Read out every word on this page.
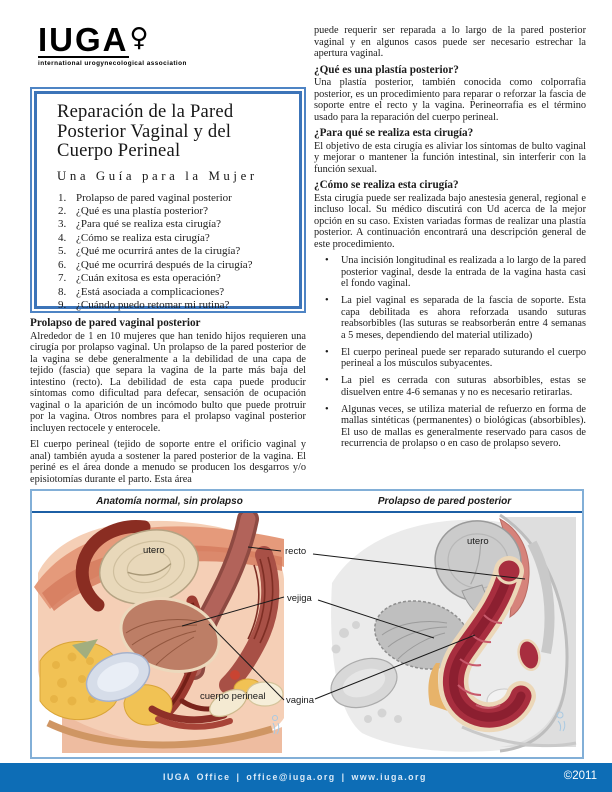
IUGA ♀
international urogynecological association
Reparación de la Pared Posterior Vaginal y del Cuerpo Perineal
Una Guía para la Mujer
Prolapso de pared vaginal posterior
¿Qué es una plastía posterior?
¿Para qué se realiza esta cirugía?
¿Cómo se realiza esta cirugía?
¿Qué me ocurrirá antes de la cirugía?
¿Qué me ocurrirá después de la cirugía?
¿Cuán exitosa es esta operación?
¿Está asociada a complicaciones?
¿Cuándo puedo retomar mi rutina?
Prolapso de pared vaginal posterior

Alrededor de 1 en 10 mujeres que han tenido hijos requieren una cirugía por prolapso vaginal. Un prolapso de la pared posterior de la vagina se debe generalmente a la debilidad de una capa de tejido (fascia) que separa la vagina de la parte más baja del intestino (recto). La debilidad de esta capa puede producir síntomas como dificultad para defecar, sensación de ocupación vaginal o la aparición de un incómodo bulto que puede protruir por la vagina. Otros nombres para el prolapso vaginal posterior incluyen rectocele y enterocele.

El cuerpo perineal (tejido de soporte entre el orificio vaginal y anal) también ayuda a sostener la pared posterior de la vagina. El periné es el área donde a menudo se producen los desgarros y/o episiotomías durante el parto. Esta área

puede requerir ser reparada a lo largo de la pared posterior vaginal y en algunos casos puede ser necesario estrechar la apertura vaginal.

¿Qué es una plastía posterior?

Una plastía posterior, también conocida como colporrafia posterior, es un procedimiento para reparar o reforzar la fascia de soporte entre el recto y la vagina. Perineorrafia es el término usado para la reparación del cuerpo perineal.

¿Para qué se realiza esta cirugía?

El objetivo de esta cirugía es aliviar los síntomas de bulto vaginal y mejorar o mantener la función intestinal, sin interferir con la función sexual.

¿Cómo se realiza esta cirugía?

Esta cirugía puede ser realizada bajo anestesia general, regional e incluso local. Su médico discutirá con Ud acerca de la mejor opción en su caso. Existen variadas formas de realizar una plastía posterior. A continuación encontrará una descripción general de este procedimiento.

• Una incisión longitudinal es realizada a lo largo de la pared posterior vaginal, desde la entrada de la vagina hasta casi el fondo vaginal.
• La piel vaginal es separada de la fascia de soporte. Esta capa debilitada es ahora reforzada usando suturas reabsorbibles (las suturas se reabsorberán entre 4 semanas a 5 meses, dependiendo del material utilizado)
• El cuerpo perineal puede ser reparado suturando el cuerpo perineal a los músculos subyacentes.
• La piel es cerrada con suturas absorbibles, estas se disuelven entre 4-6 semanas y no es necesario retirarlas.
• Algunas veces, se utiliza material de refuerzo en forma de mallas sintéticas (permanentes) o biológicas (absorbibles). El uso de mallas es generalmente reservado para casos de recurrencia de prolapso o en caso de prolapso severo.
Anatomía normal, sin prolapso	Prolapso de pared posterior
utero
utero
recto
vejiga
vagina
cuerpo perineal
IUGA Office | office@iuga.org | www.iuga.org	©2011
